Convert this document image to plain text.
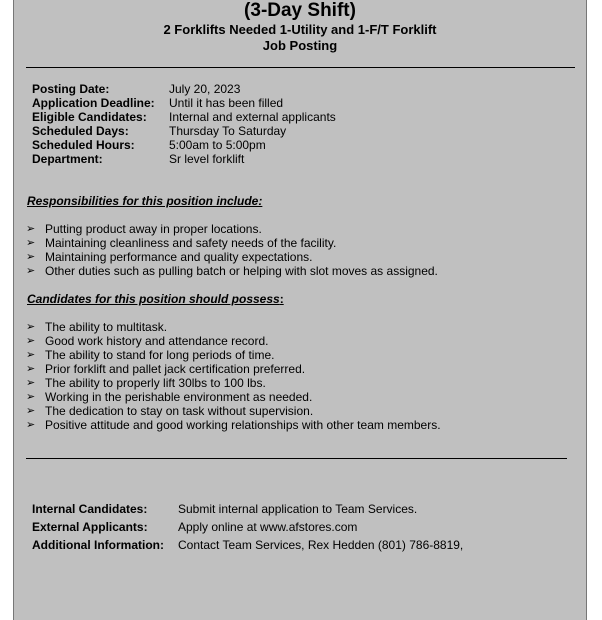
(3-Day Shift)
2 Forklifts Needed 1-Utility and 1-F/T Forklift
Job Posting
Posting Date:	July 20, 2023
Application Deadline: Until it has been filled
Eligible Candidates: Internal and external applicants
Scheduled Days:	Thursday To Saturday
Scheduled Hours:	5:00am to 5:00pm
Department:	Sr level forklift
Responsibilities for this position include:
➢ Putting product away in proper locations.
➢ Maintaining cleanliness and safety needs of the facility.
➢ Maintaining performance and quality expectations.
➢ Other duties such as pulling batch or helping with slot moves as assigned.
Candidates for this position should possess:
➢ The ability to multitask.
➢ Good work history and attendance record.
➢ The ability to stand for long periods of time.
➢ Prior forklift and pallet jack certification preferred.
➢ The ability to properly lift 30lbs to 100 lbs.
➢ Working in the perishable environment as needed.
➢ The dedication to stay on task without supervision.
➢ Positive attitude and good working relationships with other team members.
Internal Candidates:	Submit internal application to Team Services.
External Applicants:	Apply online at www.afstores.com
Additional Information: Contact Team Services, Rex Hedden (801) 786-8819,
